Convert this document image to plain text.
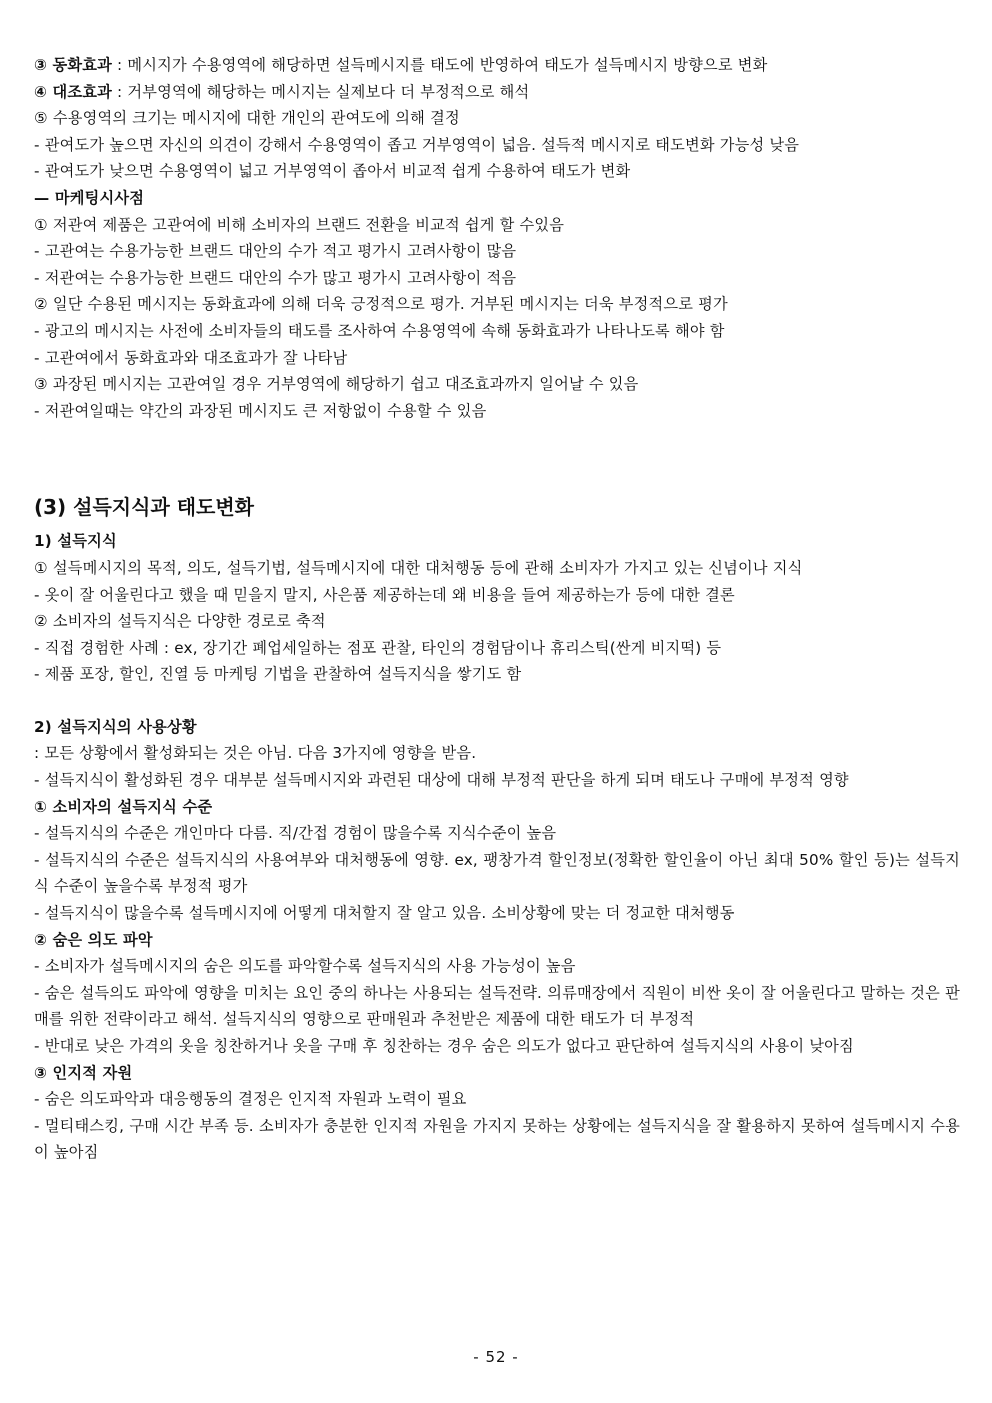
③ 동화효과 : 메시지가 수용영역에 해당하면 설득메시지를 태도에 반영하여 태도가 설득메시지 방향으로 변화

④ 대조효과 : 거부영역에 해당하는 메시지는 실제보다 더 부정적으로 해석

⑤ 수용영역의 크기는 메시지에 대한 개인의 관여도에 의해 결정

- 관여도가 높으면 자신의 의견이 강해서 수용영역이 좁고 거부영역이 넓음. 설득적 메시지로 태도변화 가능성 낮음

- 관여도가 낮으면 수용영역이 넓고 거부영역이 좁아서 비교적 쉽게 수용하여 태도가 변화

— 마케팅시사점

① 저관여 제품은 고관여에 비해 소비자의 브랜드 전환을 비교적 쉽게 할 수있음

- 고관여는 수용가능한 브랜드 대안의 수가 적고 평가시 고려사항이 많음

- 저관여는 수용가능한 브랜드 대안의 수가 많고 평가시 고려사항이 적음

② 일단 수용된 메시지는 동화효과에 의해 더욱 긍정적으로 평가. 거부된 메시지는 더욱 부정적으로 평가

- 광고의 메시지는 사전에 소비자들의 태도를 조사하여 수용영역에 속해 동화효과가 나타나도록 해야 함

- 고관여에서 동화효과와 대조효과가 잘 나타남

③ 과장된 메시지는 고관여일 경우 거부영역에 해당하기 쉽고 대조효과까지 일어날 수 있음

- 저관여일때는 약간의 과장된 메시지도 큰 저항없이 수용할 수 있음

(3) 설득지식과 태도변화

1) 설득지식

① 설득메시지의 목적, 의도, 설득기법, 설득메시지에 대한 대처행동 등에 관해 소비자가 가지고 있는 신념이나 지식

- 옷이 잘 어울린다고 했을 때 믿을지 말지, 사은품 제공하는데 왜 비용을 들여 제공하는가 등에 대한 결론

② 소비자의 설득지식은 다양한 경로로 축적

- 직접 경험한 사례 : ex, 장기간 폐업세일하는 점포 관찰, 타인의 경험담이나 휴리스틱(싼게 비지떡) 등

- 제품 포장, 할인, 진열 등 마케팅 기법을 관찰하여 설득지식을 쌓기도 함

2) 설득지식의 사용상황

: 모든 상황에서 활성화되는 것은 아님. 다음 3가지에 영향을 받음.

- 설득지식이 활성화된 경우 대부분 설득메시지와 과련된 대상에 대해 부정적 판단을 하게 되며 태도나 구매에 부정적 영향

① 소비자의 설득지식 수준

- 설득지식의 수준은 개인마다 다름. 직/간접 경험이 많을수록 지식수준이 높음

- 설득지식의 수준은 설득지식의 사용여부와 대처행동에 영향. ex, 팽창가격 할인정보(정확한 할인율이 아닌 최대 50% 할인 등)는 설득지식 수준이 높을수록 부정적 평가

- 설득지식이 많을수록 설득메시지에 어떻게 대처할지 잘 알고 있음. 소비상황에 맞는 더 정교한 대처행동

② 숨은 의도 파악

- 소비자가 설득메시지의 숨은 의도를 파악할수록 설득지식의 사용 가능성이 높음

- 숨은 설득의도 파악에 영향을 미치는 요인 중의 하나는 사용되는 설득전략. 의류매장에서 직원이 비싼 옷이 잘 어울린다고 말하는 것은 판매를 위한 전략이라고 해석. 설득지식의 영향으로 판매원과 추천받은 제품에 대한 태도가 더 부정적

- 반대로 낮은 가격의 옷을 칭찬하거나 옷을 구매 후 칭찬하는 경우 숨은 의도가 없다고 판단하여 설득지식의 사용이 낮아짐

③ 인지적 자원

- 숨은 의도파악과 대응행동의 결정은 인지적 자원과 노력이 필요

- 멀티태스킹, 구매 시간 부족 등. 소비자가 충분한 인지적 자원을 가지지 못하는 상황에는 설득지식을 잘 활용하지 못하여 설득메시지 수용이 높아짐

- 52 -
